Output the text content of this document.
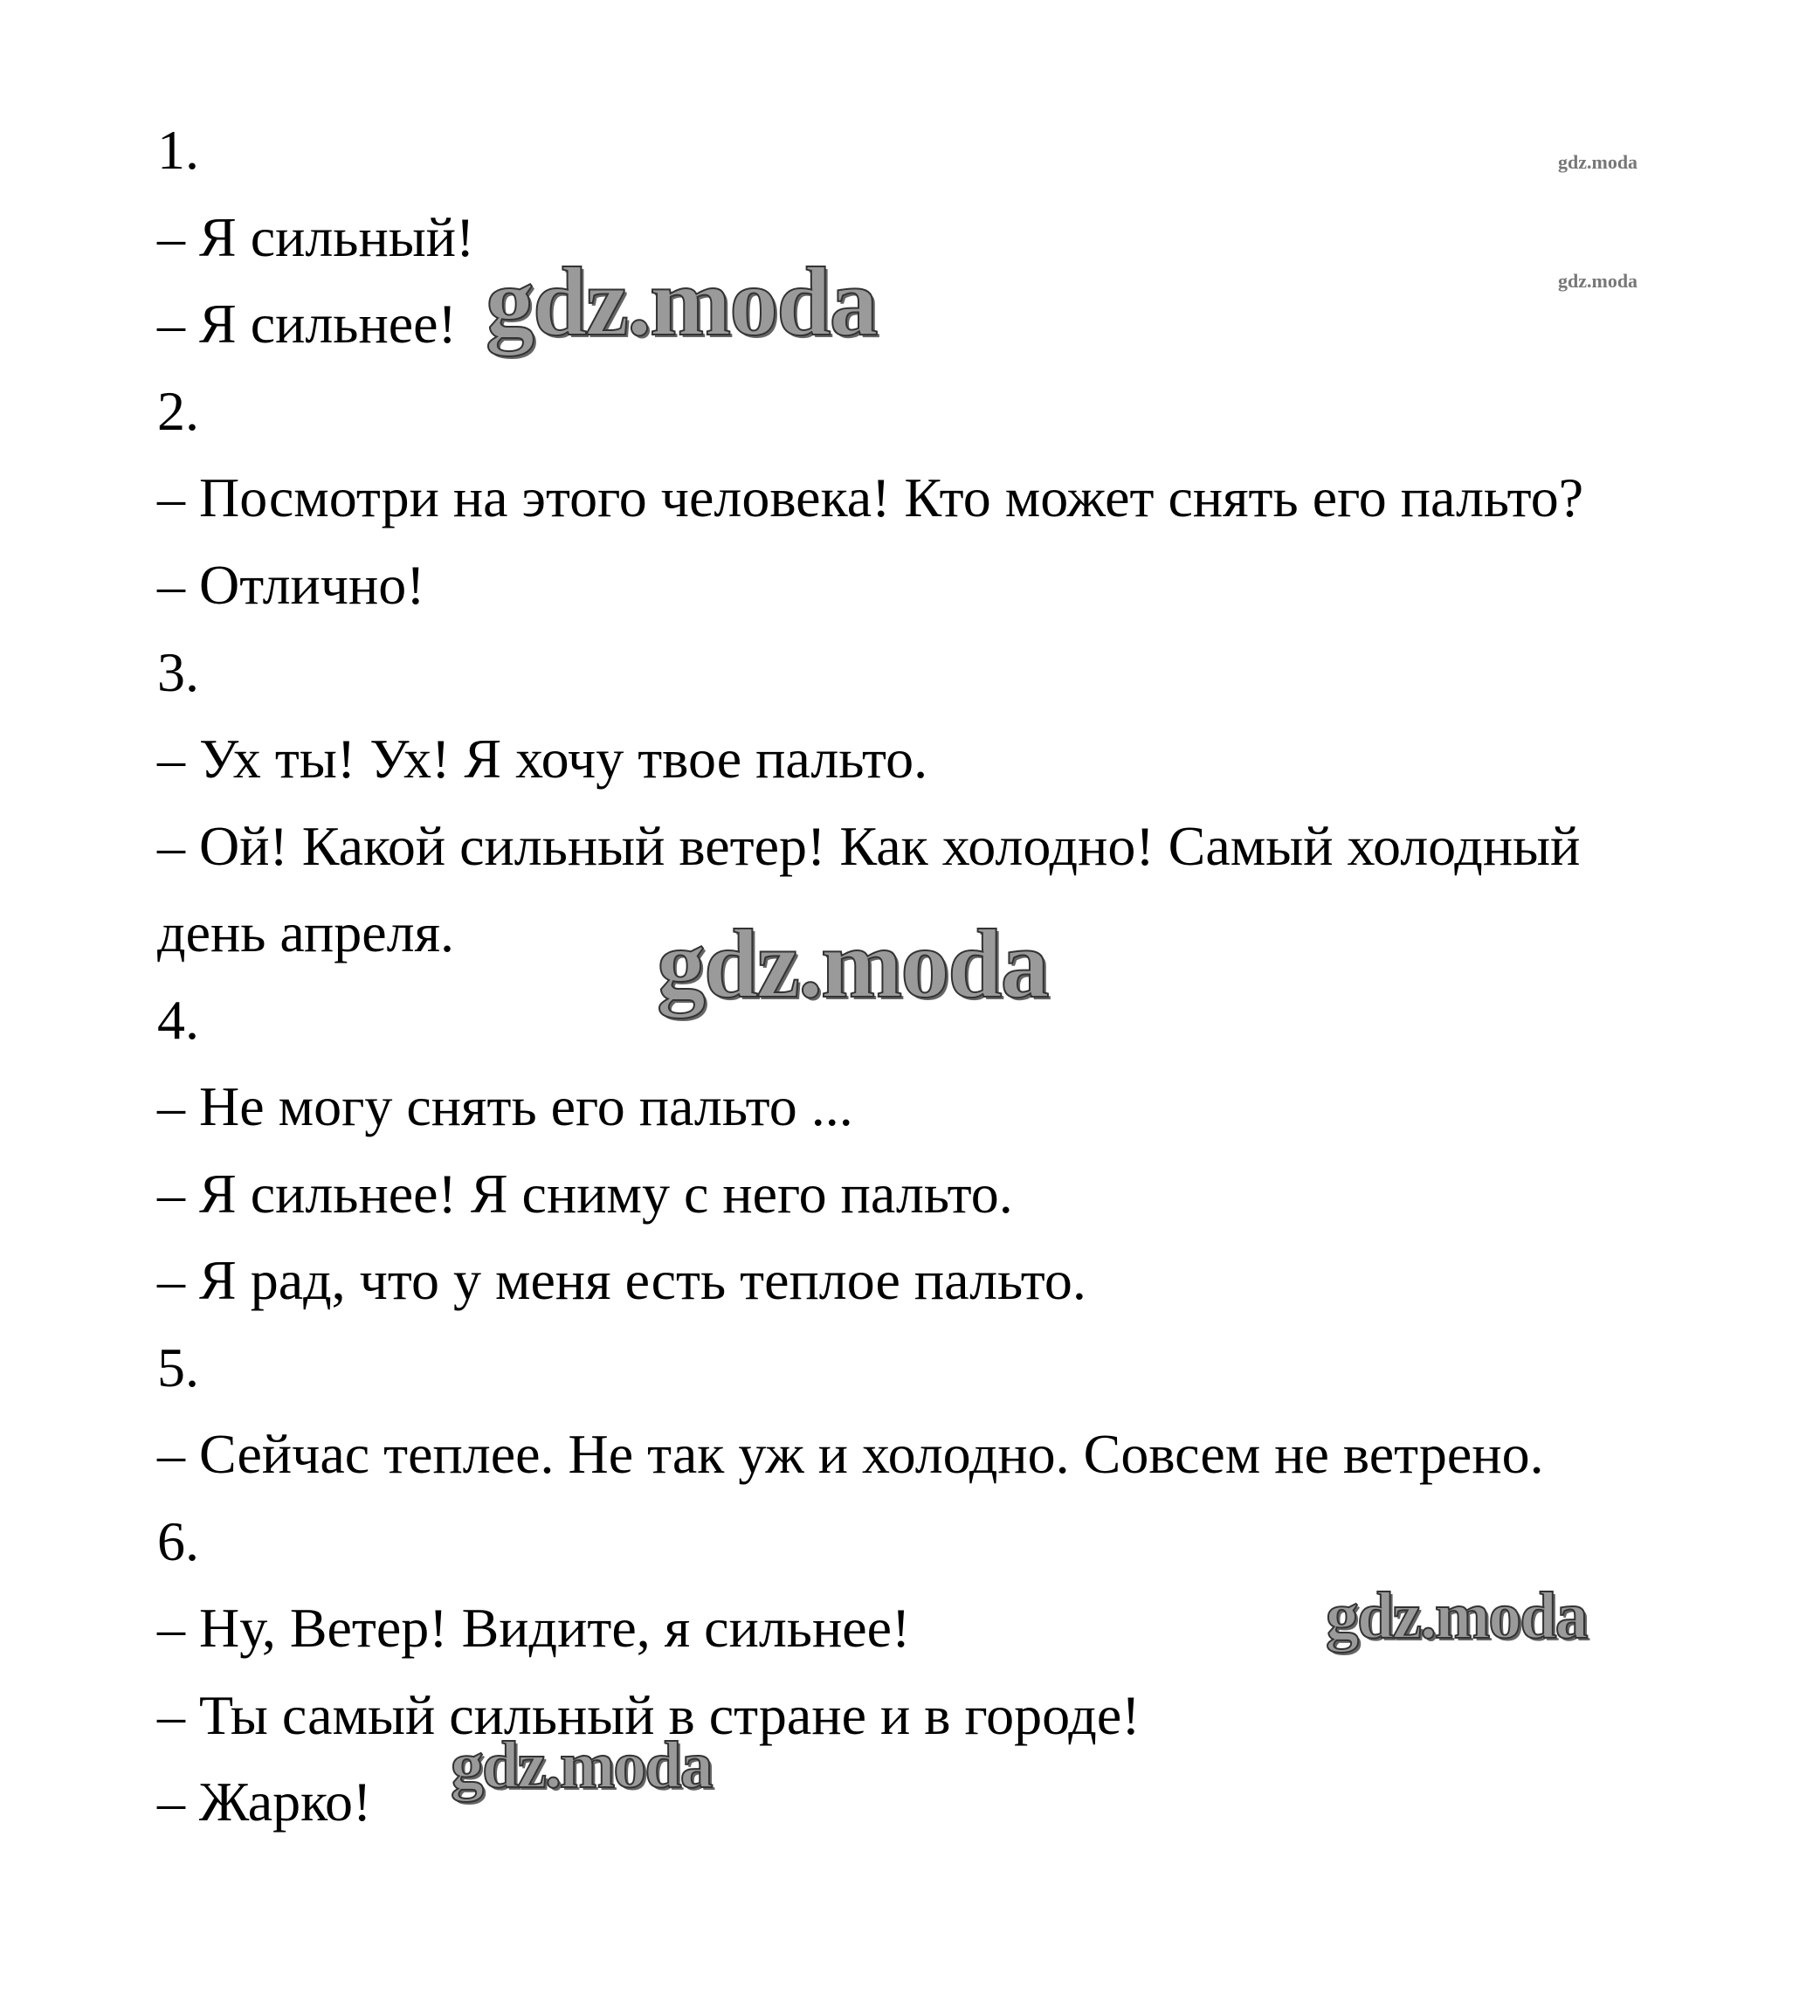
1.
– Я сильный!
– Я сильнее!
2.
– Посмотри на этого человека! Кто может снять его пальто?
– Отлично!
3.
– Ух ты! Ух! Я хочу твое пальто.
– Ой! Какой сильный ветер! Как холодно! Самый холодный
день апреля.
4.
– Не могу снять его пальто ...
– Я сильнее! Я сниму с него пальто.
– Я рад, что у меня есть теплое пальто.
5.
– Сейчас теплее. Не так уж и холодно. Совсем не ветрено.
6.
– Ну, Ветер! Видите, я сильнее!
– Ты самый сильный в стране и в городе!
– Жарко!
gdz.moda
gdz.moda
gdz.moda
gdz.moda
gdz.moda
gdz.moda
